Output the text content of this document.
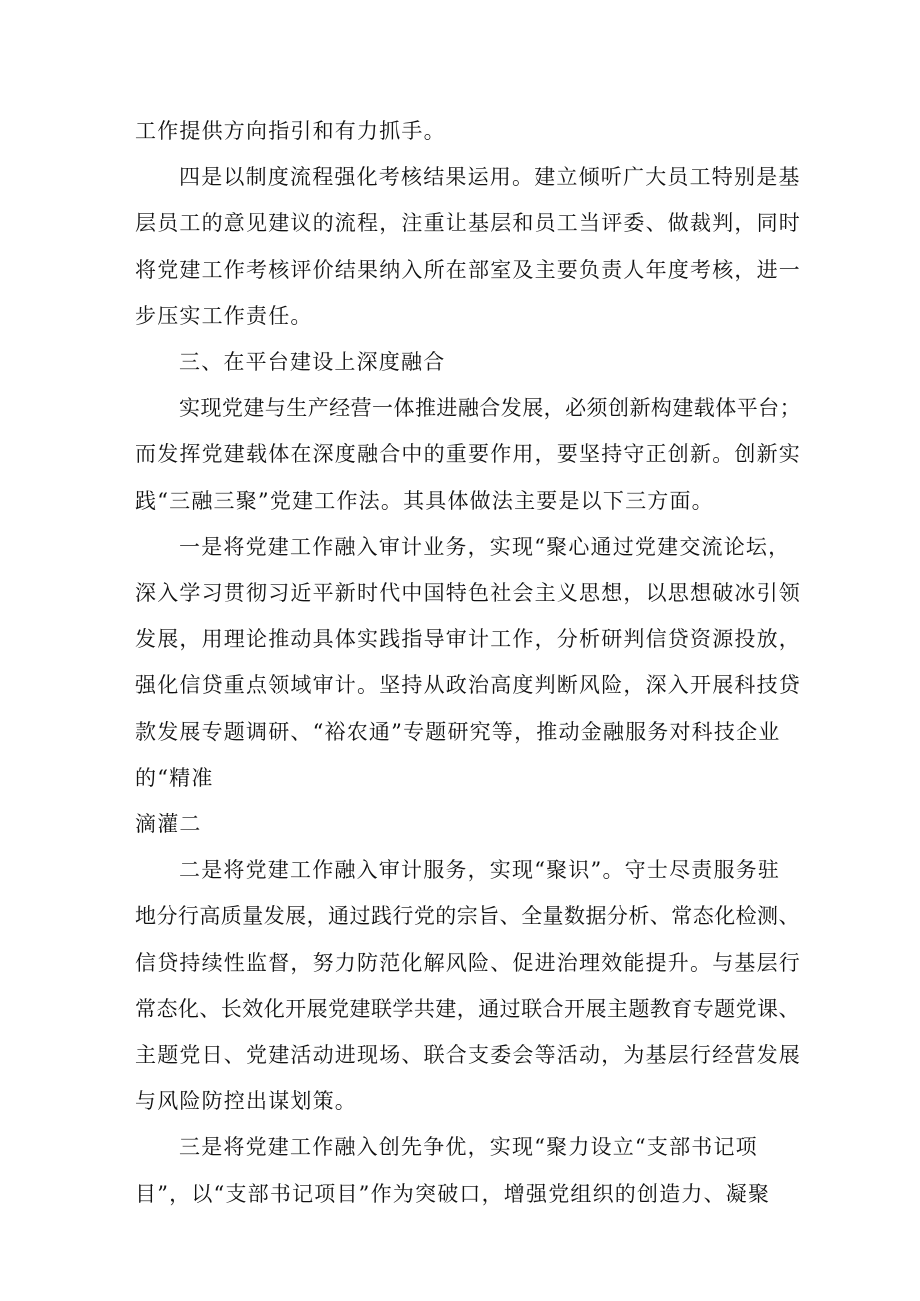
工作提供方向指引和有力抓手。

四是以制度流程强化考核结果运用。建立倾听广大员工特别是基
层员工的意见建议的流程，注重让基层和员工当评委、做裁判，同时
将党建工作考核评价结果纳入所在部室及主要负责人年度考核，进一
步压实工作责任。

三、在平台建设上深度融合

实现党建与生产经营一体推进融合发展，必须创新构建载体平台；
而发挥党建载体在深度融合中的重要作用，要坚持守正创新。创新实
践“三融三聚”党建工作法。其具体做法主要是以下三方面。

一是将党建工作融入审计业务，实现“聚心通过党建交流论坛，
深入学习贯彻习近平新时代中国特色社会主义思想，以思想破冰引领
发展，用理论推动具体实践指导审计工作，分析研判信贷资源投放，
强化信贷重点领域审计。坚持从政治高度判断风险，深入开展科技贷
款发展专题调研、“裕农通”专题研究等，推动金融服务对科技企业
的“精准

滴灌二

二是将党建工作融入审计服务，实现“聚识”。守士尽责服务驻
地分行高质量发展，通过践行党的宗旨、全量数据分析、常态化检测、
信贷持续性监督，努力防范化解风险、促进治理效能提升。与基层行
常态化、长效化开展党建联学共建，通过联合开展主题教育专题党课、
主题党日、党建活动进现场、联合支委会等活动，为基层行经营发展
与风险防控出谋划策。

三是将党建工作融入创先争优，实现“聚力设立“支部书记项
目”，以“支部书记项目”作为突破口，增强党组织的创造力、凝聚
